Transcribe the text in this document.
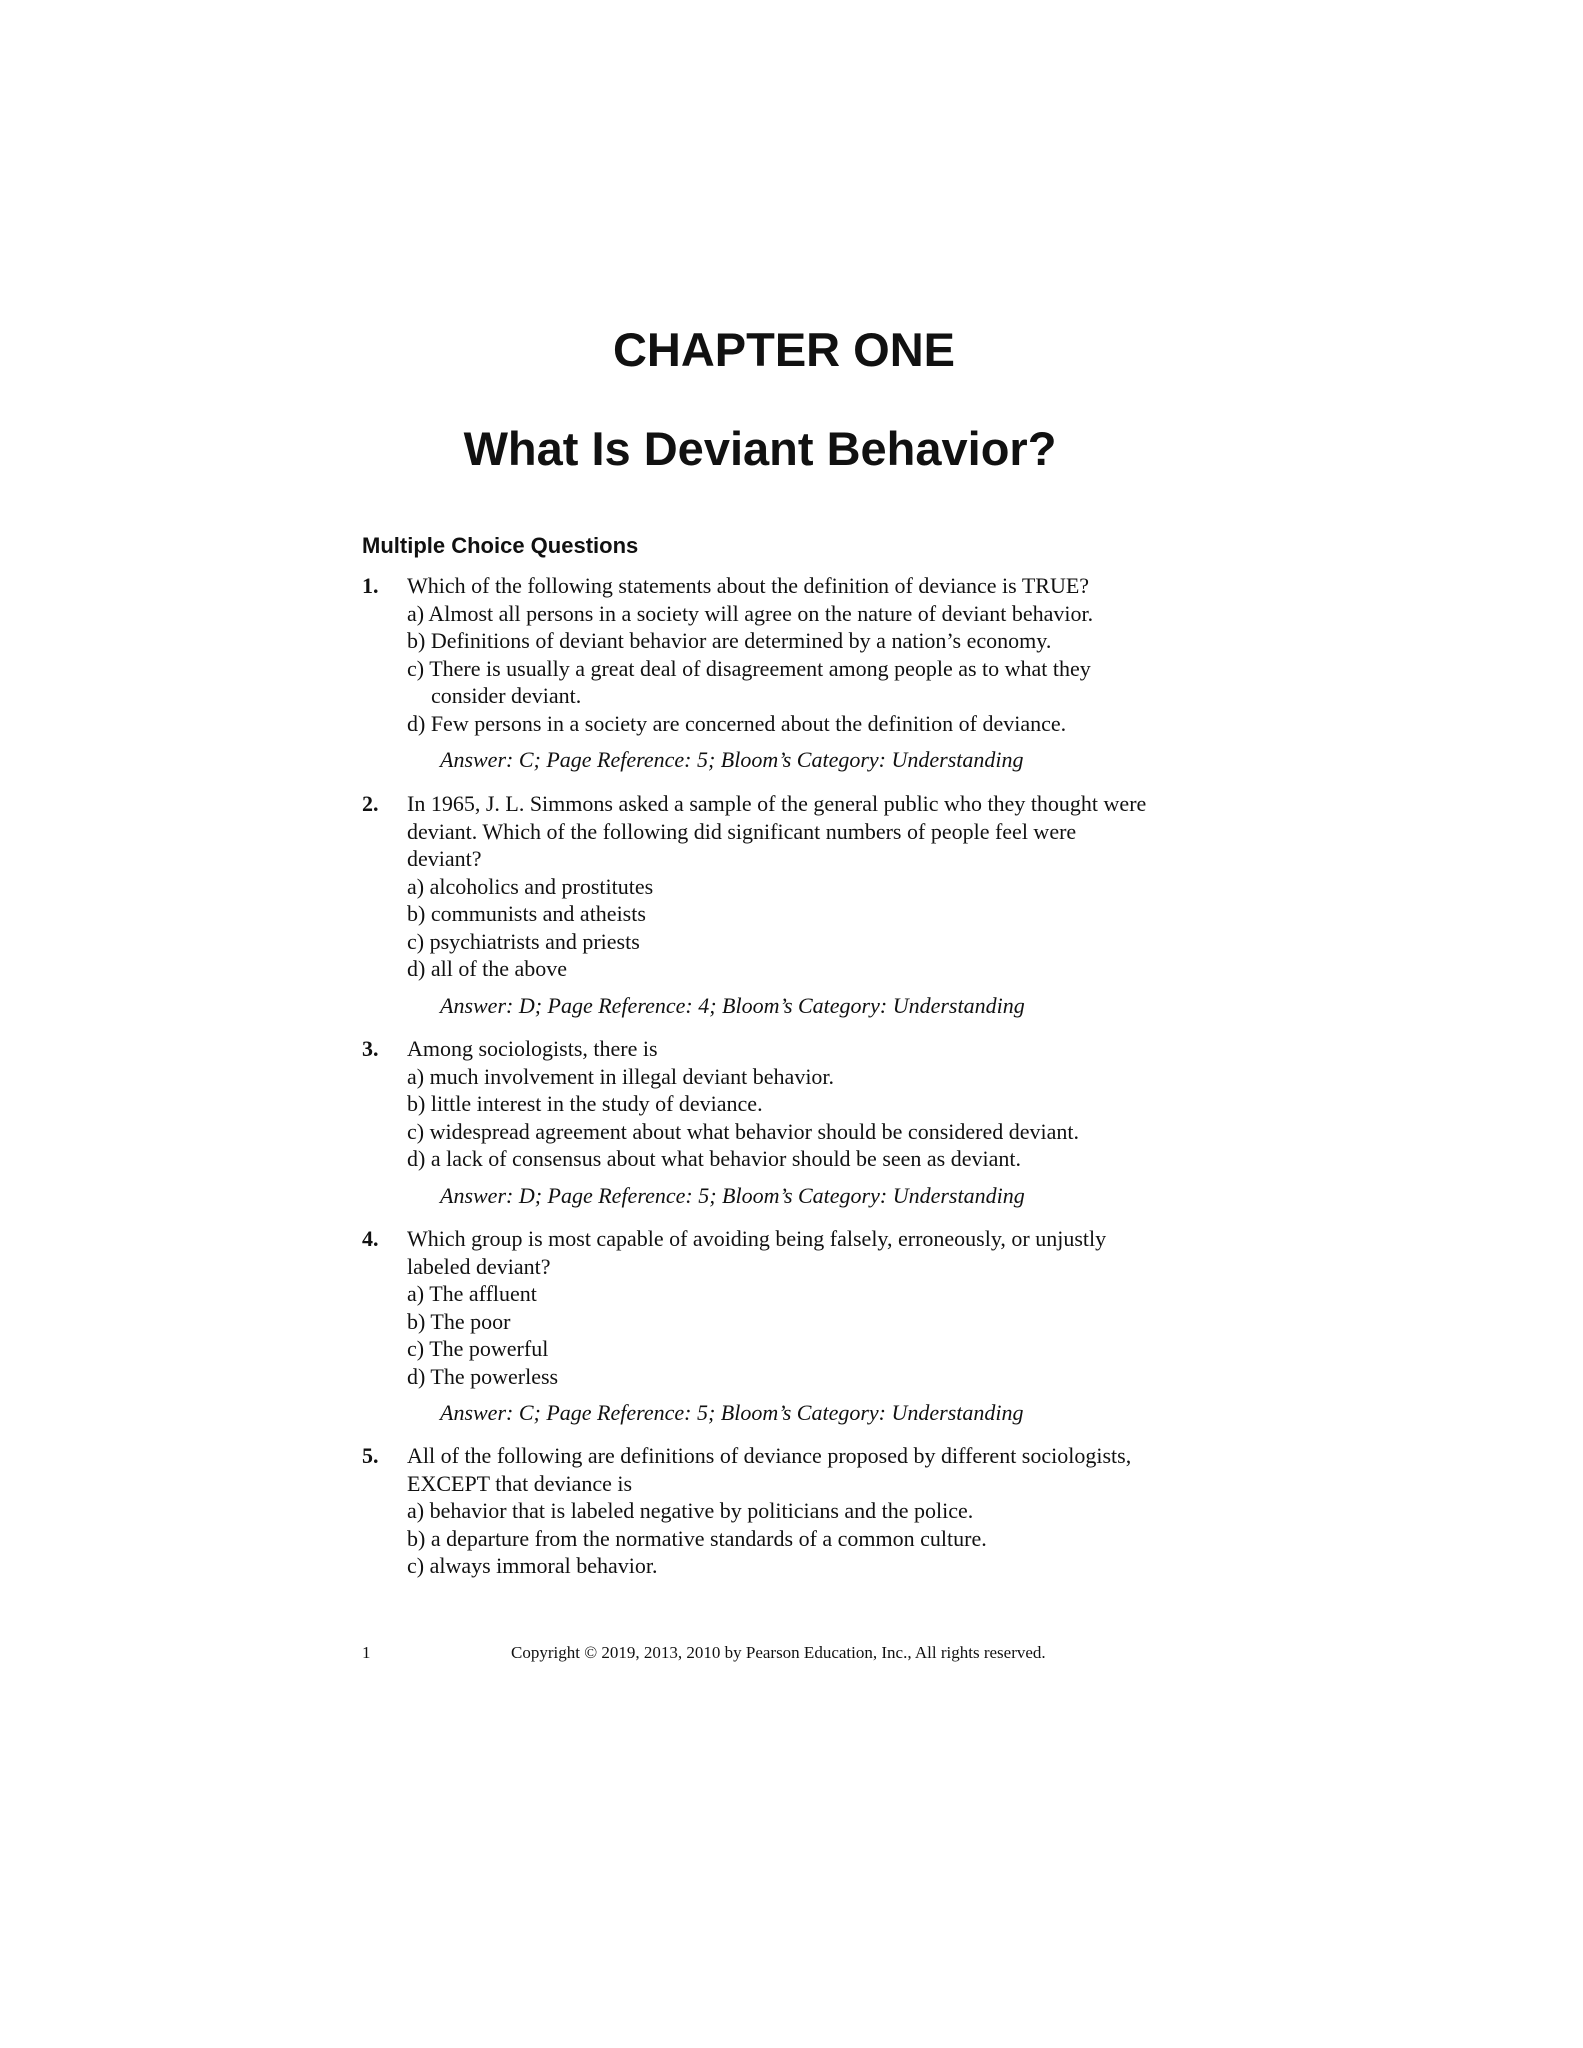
CHAPTER ONE
What Is Deviant Behavior?
Multiple Choice Questions
1. Which of the following statements about the definition of deviance is TRUE?
a) Almost all persons in a society will agree on the nature of deviant behavior.
b) Definitions of deviant behavior are determined by a nation’s economy.
c) There is usually a great deal of disagreement among people as to what they
consider deviant.
d) Few persons in a society are concerned about the definition of deviance.
Answer: C; Page Reference: 5; Bloom’s Category: Understanding
2. In 1965, J. L. Simmons asked a sample of the general public who they thought were
deviant. Which of the following did significant numbers of people feel were
deviant?
a) alcoholics and prostitutes
b) communists and atheists
c) psychiatrists and priests
d) all of the above
Answer: D; Page Reference: 4; Bloom’s Category: Understanding
3. Among sociologists, there is
a) much involvement in illegal deviant behavior.
b) little interest in the study of deviance.
c) widespread agreement about what behavior should be considered deviant.
d) a lack of consensus about what behavior should be seen as deviant.
Answer: D; Page Reference: 5; Bloom’s Category: Understanding
4. Which group is most capable of avoiding being falsely, erroneously, or unjustly
labeled deviant?
a) The affluent
b) The poor
c) The powerful
d) The powerless
Answer: C; Page Reference: 5; Bloom’s Category: Understanding
5. All of the following are definitions of deviance proposed by different sociologists,
EXCEPT that deviance is
a) behavior that is labeled negative by politicians and the police.
b) a departure from the normative standards of a common culture.
c) always immoral behavior.
1	Copyright © 2019, 2013, 2010 by Pearson Education, Inc., All rights reserved.
